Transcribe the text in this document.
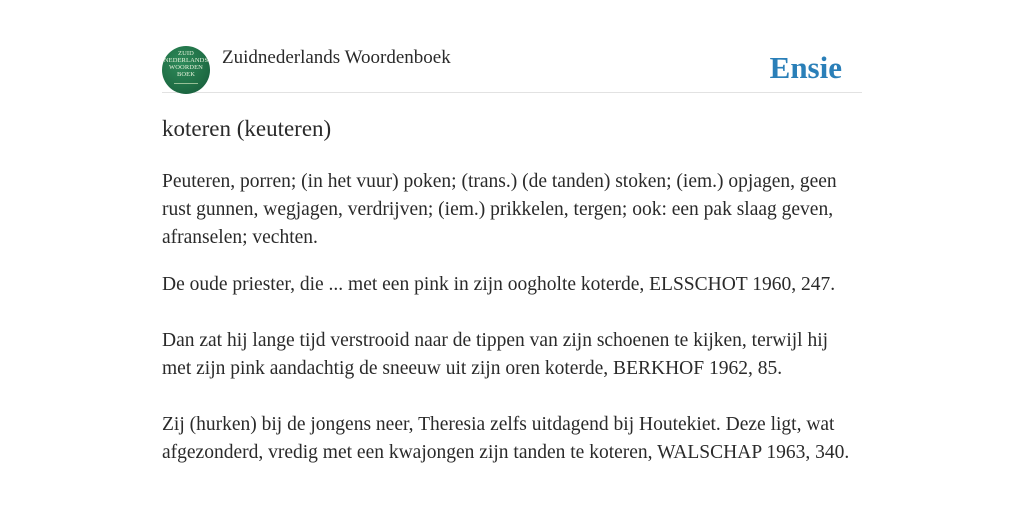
ZUID
NEDERLANDS
WOORDEN
BOEK
Zuidnederlands Woordenboek	Ensie
koteren (keuteren)

Peuteren, porren; (in het vuur) poken; (trans.) (de tanden) stoken; (iem.) opjagen, geen rust gunnen, wegjagen, verdrijven; (iem.) prikkelen, tergen; ook: een pak slaag geven, afranselen; vechten.

De oude priester, die ... met een pink in zijn oogholte koterde, ELSSCHOT 1960, 247.

Dan zat hij lange tijd verstrooid naar de tippen van zijn schoenen te kijken, terwijl hij met zijn pink aandachtig de sneeuw uit zijn oren koterde, BERKHOF 1962, 85.

Zij (hurken) bij de jongens neer, Theresia zelfs uitdagend bij Houtekiet. Deze ligt, wat afgezonderd, vredig met een kwajongen zijn tanden te koteren, WALSCHAP 1963, 340.
